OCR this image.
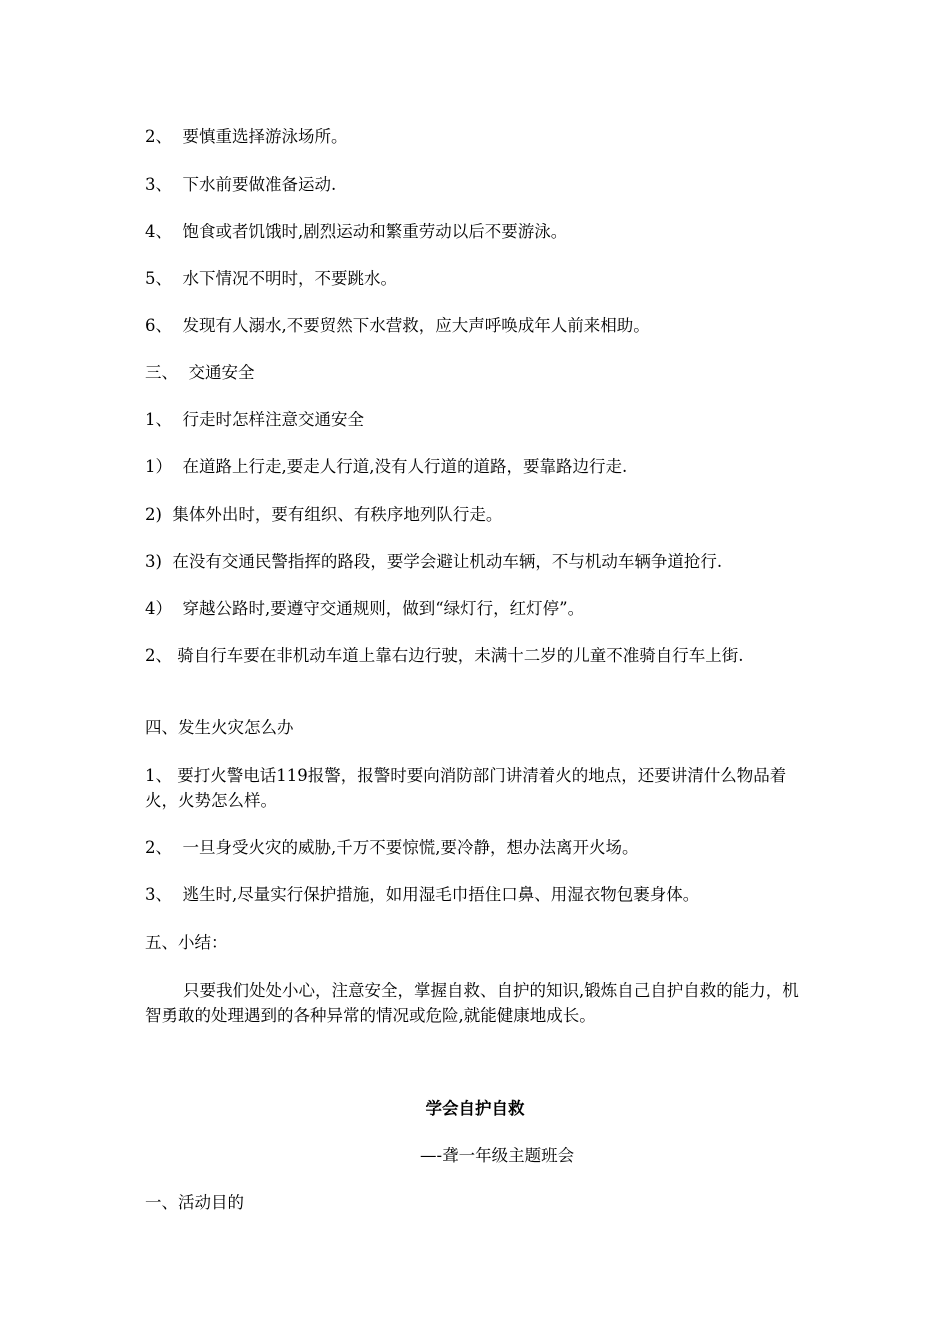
2、  要慎重选择游泳场所。
3、  下水前要做准备运动.
4、  饱食或者饥饿时,剧烈运动和繁重劳动以后不要游泳。
5、  水下情况不明时，不要跳水。
6、  发现有人溺水,不要贸然下水营救，应大声呼唤成年人前来相助。
三、  交通安全
1、  行走时怎样注意交通安全
1）  在道路上行走,要走人行道,没有人行道的道路，要靠路边行走.
2)  集体外出时，要有组织、有秩序地列队行走。
3)  在没有交通民警指挥的路段，要学会避让机动车辆，不与机动车辆争道抢行.
4）  穿越公路时,要遵守交通规则，做到“绿灯行，红灯停”。
2、 骑自行车要在非机动车道上靠右边行驶，未满十二岁的儿童不准骑自行车上街.
四、发生火灾怎么办
1、 要打火警电话119报警，报警时要向消防部门讲清着火的地点，还要讲清什么物品着火，火势怎么样。
2、  一旦身受火灾的威胁,千万不要惊慌,要冷静，想办法离开火场。
3、  逃生时,尽量实行保护措施，如用湿毛巾捂住口鼻、用湿衣物包裹身体。
五、小结：
只要我们处处小心，注意安全，掌握自救、自护的知识,锻炼自己自护自救的能力，机智勇敢的处理遇到的各种异常的情况或危险,就能健康地成长。
学会自护自救
—-聋一年级主题班会
一、活动目的
